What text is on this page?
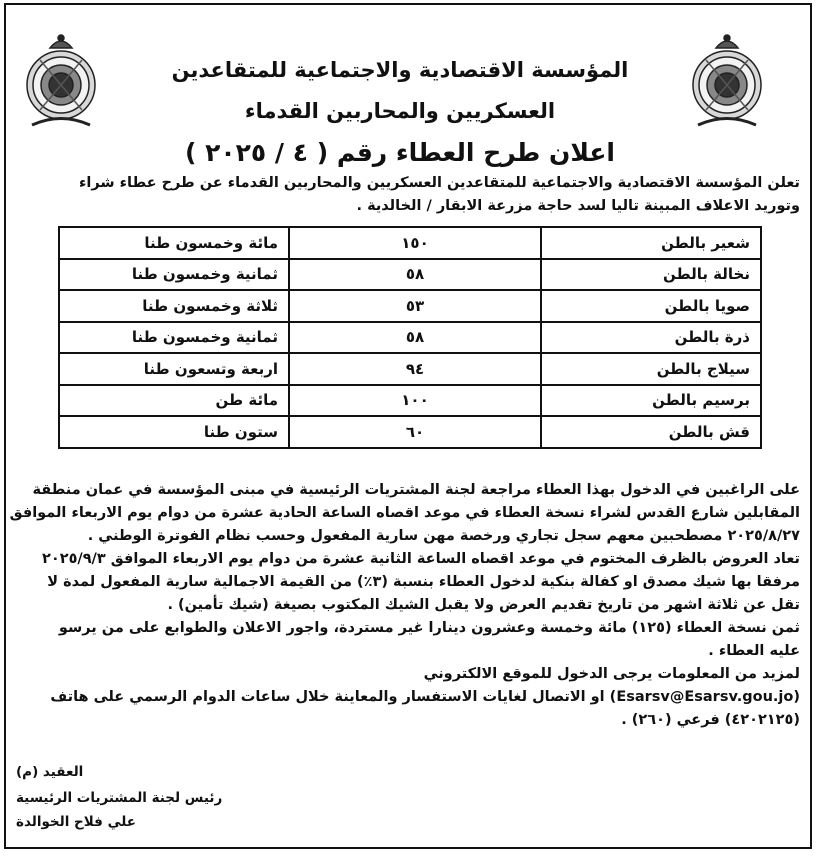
المؤسسة الاقتصادية والاجتماعية للمتقاعدين
العسكريين والمحاربين القدماء
اعلان طرح العطاء رقم ( ٤ / ٢٠٢٥ )
تعلن المؤسسة الاقتصادية والاجتماعية للمتقاعدين العسكريين والمحاربين القدماء عن طرح عطاء شراء
وتوريد الاعلاف المبينة تاليا لسد حاجة مزرعة الابقار / الخالدية .
شعير بالطن	١٥٠	مائة وخمسون طنا
نخالة بالطن	٥٨	ثمانية وخمسون طنا
صويا بالطن	٥٣	ثلاثة وخمسون طنا
ذرة بالطن	٥٨	ثمانية وخمسون طنا
سيلاج بالطن	٩٤	اربعة وتسعون طنا
برسيم بالطن	١٠٠	مائة طن
قش بالطن	٦٠	ستون طنا
على الراغبين في الدخول بهذا العطاء مراجعة لجنة المشتريات الرئيسية في مبنى المؤسسة في عمان منطقة
المقابلين شارع القدس لشراء نسخة العطاء في موعد اقصاه الساعة الحادية عشرة من دوام يوم الاربعاء الموافق
٢٠٢٥/٨/٢٧ مصطحبين معهم سجل تجاري ورخصة مهن سارية المفعول وحسب نظام الفوترة الوطني .
تعاد العروض بالظرف المختوم في موعد اقصاه الساعة الثانية عشرة من دوام يوم الاربعاء الموافق ٢٠٢٥/٩/٣
مرفقا بها شيك مصدق او كفالة بنكية لدخول العطاء بنسبة (٣٪) من القيمة الاجمالية سارية المفعول لمدة لا
تقل عن ثلاثة اشهر من تاريخ تقديم العرض ولا يقبل الشيك المكتوب بصيغة (شيك تأمين) .
ثمن نسخة العطاء (١٢٥) مائة وخمسة وعشرون دينارا غير مستردة، واجور الاعلان والطوابع على من يرسو
عليه العطاء .
لمزيد من المعلومات يرجى الدخول للموقع الالكتروني
(Esarsv@Esarsv.gou.jo) او الاتصال لغايات الاستفسار والمعاينة خلال ساعات الدوام الرسمي على هاتف
(٤٢٠٢١٢٥) فرعي (٢٦٠) .
العقيد (م)
رئيس لجنة المشتريات الرئيسية
علي فلاح الخوالدة
